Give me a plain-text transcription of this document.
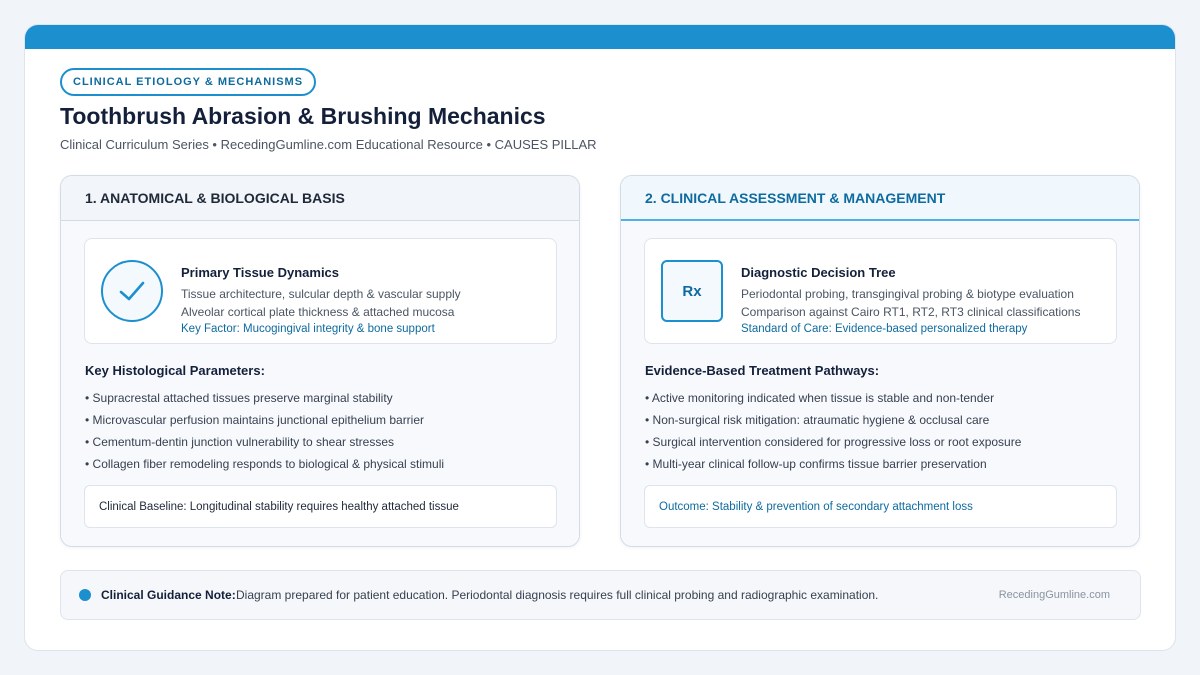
CLINICAL ETIOLOGY & MECHANISMS
Toothbrush Abrasion & Brushing Mechanics
Clinical Curriculum Series • RecedingGumline.com Educational Resource • CAUSES PILLAR
1. ANATOMICAL & BIOLOGICAL BASIS
Primary Tissue Dynamics
Tissue architecture, sulcular depth & vascular supply
Alveolar cortical plate thickness & attached mucosa
Key Factor: Mucogingival integrity & bone support
Key Histological Parameters:
• Supracrestal attached tissues preserve marginal stability
• Microvascular perfusion maintains junctional epithelium barrier
• Cementum-dentin junction vulnerability to shear stresses
• Collagen fiber remodeling responds to biological & physical stimuli
Clinical Baseline: Longitudinal stability requires healthy attached tissue
2. CLINICAL ASSESSMENT & MANAGEMENT
Rx
Diagnostic Decision Tree
Periodontal probing, transgingival probing & biotype evaluation
Comparison against Cairo RT1, RT2, RT3 clinical classifications
Standard of Care: Evidence-based personalized therapy
Evidence-Based Treatment Pathways:
• Active monitoring indicated when tissue is stable and non-tender
• Non-surgical risk mitigation: atraumatic hygiene & occlusal care
• Surgical intervention considered for progressive loss or root exposure
• Multi-year clinical follow-up confirms tissue barrier preservation
Outcome: Stability & prevention of secondary attachment loss
Clinical Guidance Note: Diagram prepared for patient education. Periodontal diagnosis requires full clinical probing and radiographic examination.	RecedingGumline.com
